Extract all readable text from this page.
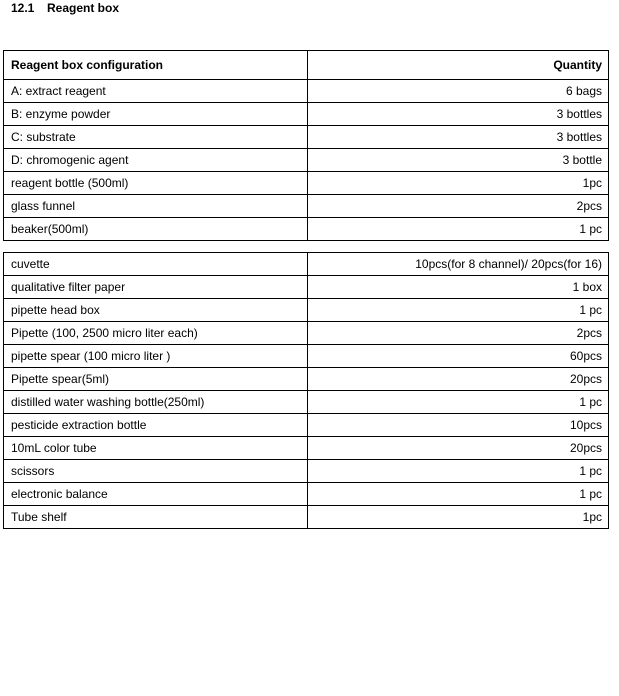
12.1 Reagent box
Reagent box configuration	Quantity
A: extract reagent	6 bags
B: enzyme powder	3 bottles
C: substrate	3 bottles
D: chromogenic agent	3 bottle
reagent bottle (500ml)	1pc
glass funnel	2pcs
beaker(500ml)	1 pc
cuvette	10pcs(for 8 channel)/ 20pcs(for 16)
qualitative filter paper	1 box
pipette head box	1 pc
Pipette (100, 2500 micro liter each)	2pcs
pipette spear (100 micro liter )	60pcs
Pipette spear(5ml)	20pcs
distilled water washing bottle(250ml)	1 pc
pesticide extraction bottle	10pcs
10mL color tube	20pcs
scissors	1 pc
electronic balance	1 pc
Tube shelf	1pc
